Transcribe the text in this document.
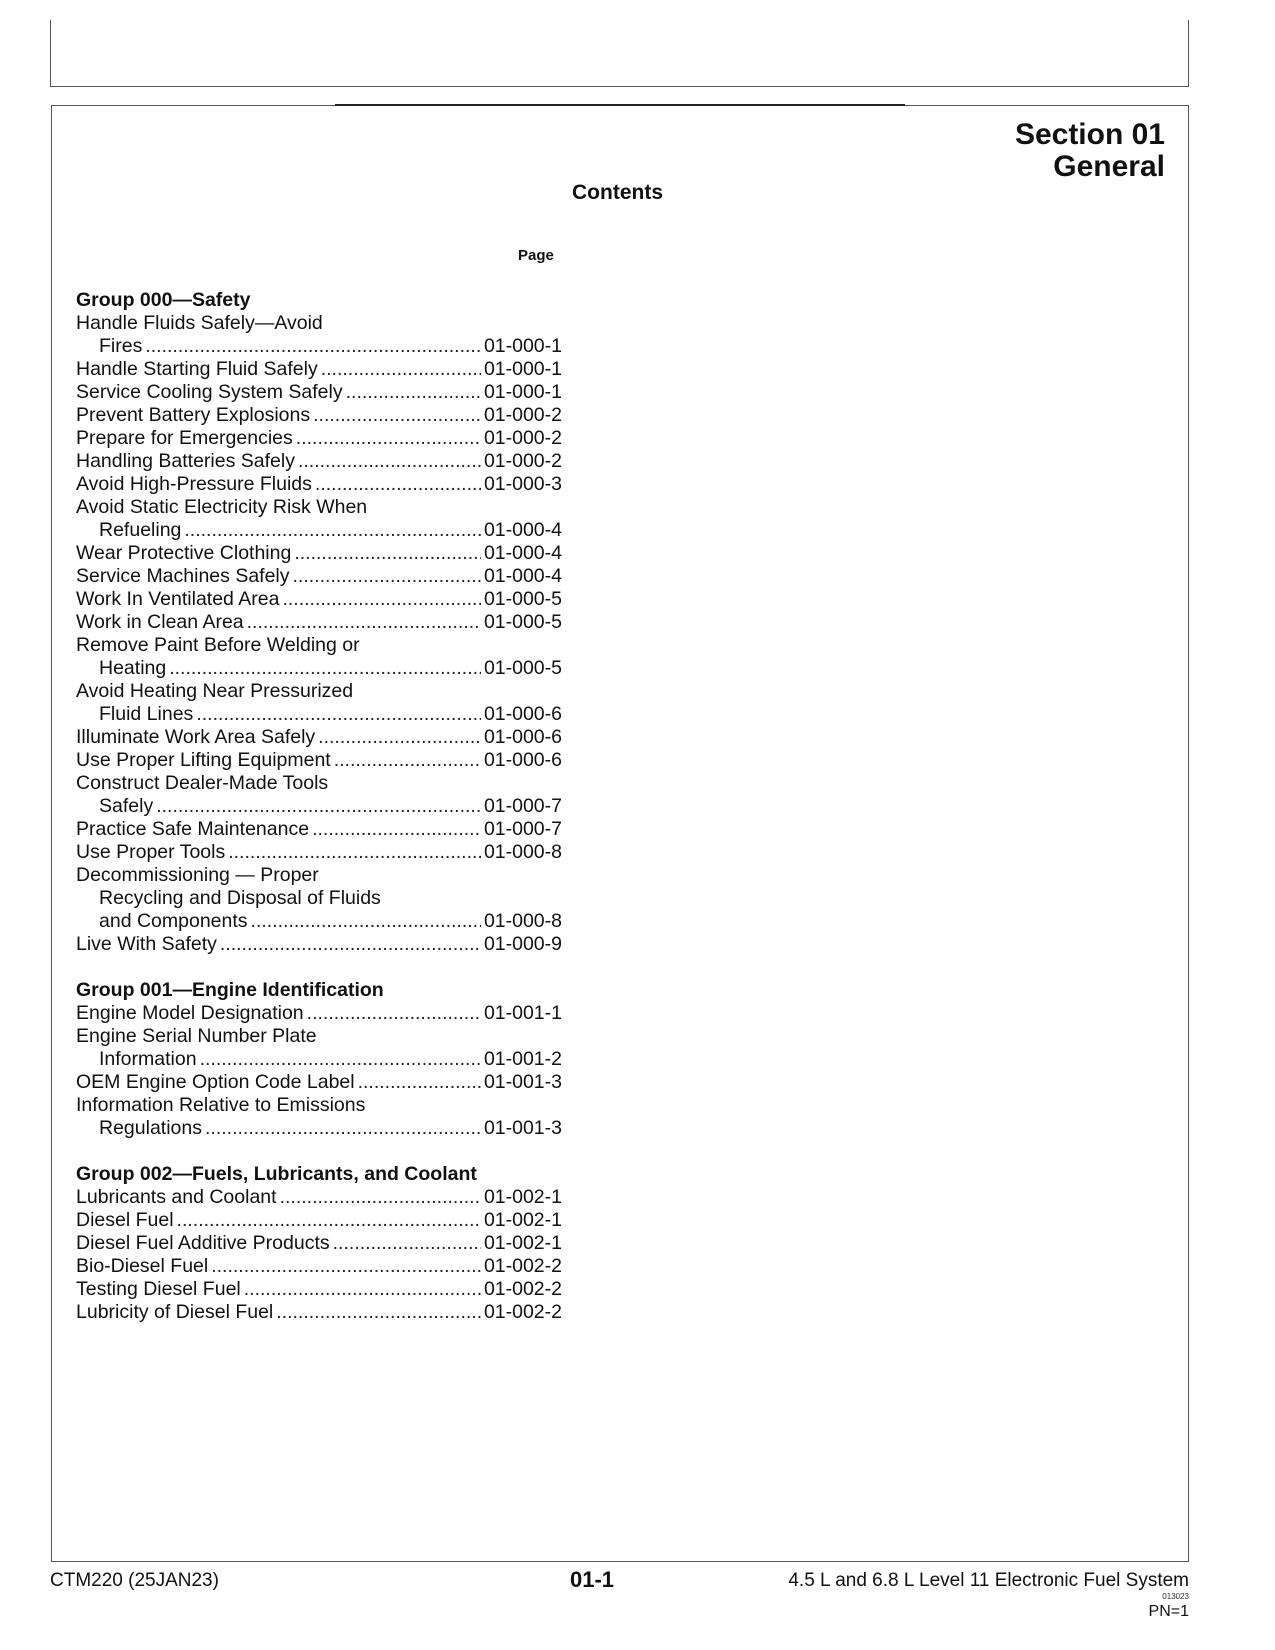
Section 01
General
Contents
Page
Group 000—Safety
Handle Fluids Safely—Avoid
Fires .....	01-000-1
Handle Starting Fluid Safely .....	01-000-1
Service Cooling System Safely .....	01-000-1
Prevent Battery Explosions .....	01-000-2
Prepare for Emergencies .....	01-000-2
Handling Batteries Safely .....	01-000-2
Avoid High-Pressure Fluids .....	01-000-3
Avoid Static Electricity Risk When
Refueling .....	01-000-4
Wear Protective Clothing .....	01-000-4
Service Machines Safely .....	01-000-4
Work In Ventilated Area .....	01-000-5
Work in Clean Area .....	01-000-5
Remove Paint Before Welding or
Heating .....	01-000-5
Avoid Heating Near Pressurized
Fluid Lines .....	01-000-6
Illuminate Work Area Safely .....	01-000-6
Use Proper Lifting Equipment .....	01-000-6
Construct Dealer-Made Tools
Safely .....	01-000-7
Practice Safe Maintenance .....	01-000-7
Use Proper Tools .....	01-000-8
Decommissioning — Proper
Recycling and Disposal of Fluids
and Components .....	01-000-8
Live With Safety .....	01-000-9
Group 001—Engine Identification
Engine Model Designation .....	01-001-1
Engine Serial Number Plate
Information .....	01-001-2
OEM Engine Option Code Label .....	01-001-3
Information Relative to Emissions
Regulations .....	01-001-3
Group 002—Fuels, Lubricants, and Coolant
Lubricants and Coolant .....	01-002-1
Diesel Fuel .....	01-002-1
Diesel Fuel Additive Products .....	01-002-1
Bio-Diesel Fuel .....	01-002-2
Testing Diesel Fuel .....	01-002-2
Lubricity of Diesel Fuel .....	01-002-2
CTM220 (25JAN23)	01-1	4.5 L and 6.8 L Level 11 Electronic Fuel System
013023
PN=1
